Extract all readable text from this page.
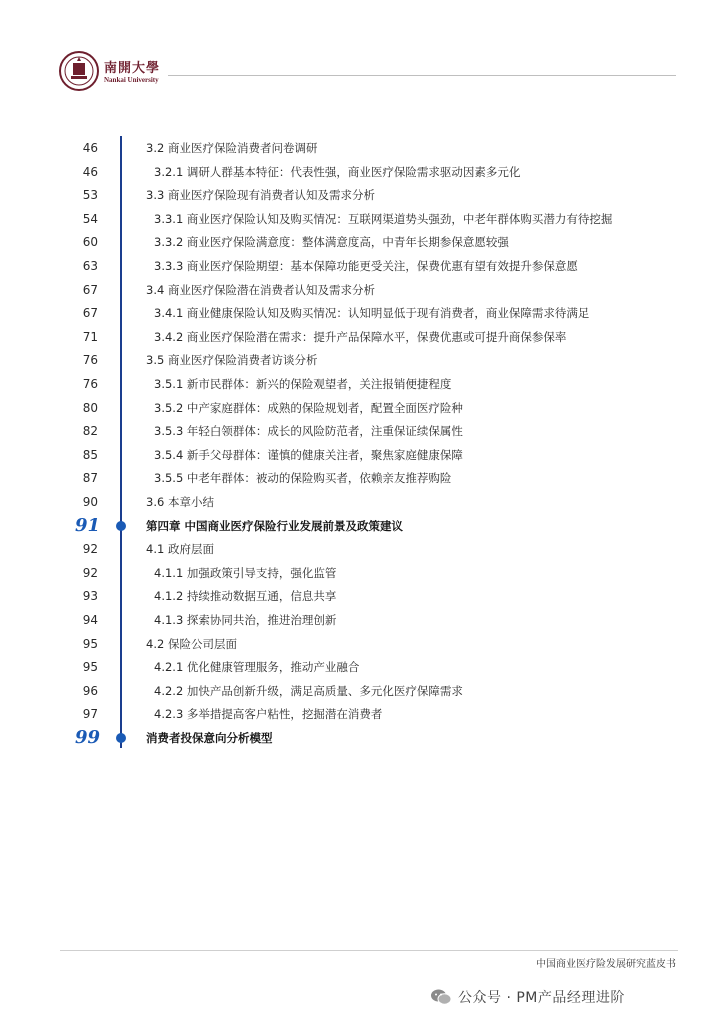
南開大學
Nankai University
46	3.2 商业医疗保险消费者问卷调研
46	3.2.1 调研人群基本特征：代表性强，商业医疗保险需求驱动因素多元化
53	3.3 商业医疗保险现有消费者认知及需求分析
54	3.3.1 商业医疗保险认知及购买情况：互联网渠道势头强劲，中老年群体购买潜力有待挖掘
60	3.3.2 商业医疗保险满意度：整体满意度高，中青年长期参保意愿较强
63	3.3.3 商业医疗保险期望：基本保障功能更受关注，保费优惠有望有效提升参保意愿
67	3.4 商业医疗保险潜在消费者认知及需求分析
67	3.4.1 商业健康保险认知及购买情况：认知明显低于现有消费者，商业保障需求待满足
71	3.4.2 商业医疗保险潜在需求：提升产品保障水平，保费优惠或可提升商保参保率
76	3.5 商业医疗保险消费者访谈分析
76	3.5.1 新市民群体：新兴的保险观望者，关注报销便捷程度
80	3.5.2 中产家庭群体：成熟的保险规划者，配置全面医疗险种
82	3.5.3 年轻白领群体：成长的风险防范者，注重保证续保属性
85	3.5.4 新手父母群体：谨慎的健康关注者，聚焦家庭健康保障
87	3.5.5 中老年群体：被动的保险购买者，依赖亲友推荐购险
90	3.6 本章小结
91	第四章 中国商业医疗保险行业发展前景及政策建议
92	4.1 政府层面
92	4.1.1 加强政策引导支持，强化监管
93	4.1.2 持续推动数据互通，信息共享
94	4.1.3 探索协同共治，推进治理创新
95	4.2 保险公司层面
95	4.2.1 优化健康管理服务，推动产业融合
96	4.2.2 加快产品创新升级，满足高质量、多元化医疗保障需求
97	4.2.3 多举措提高客户粘性，挖掘潜在消费者
99	消费者投保意向分析模型
中国商业医疗险发展研究蓝皮书
公众号 · PM产品经理进阶
